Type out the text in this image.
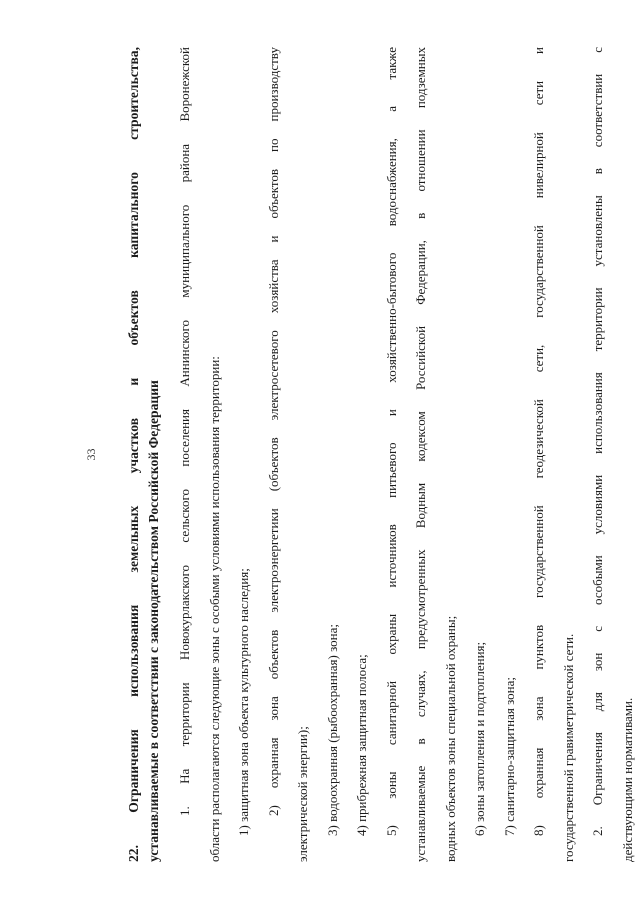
33 22. Ограничения использования земельных участков и объектов капитального строительства, устанавливаемые в соответствии с законодательством Российской Федерации	1. На территории Новокурлакского сельского поселения Аннинского муниципального района Воронежской	области располагаются следующие зоны с особыми условиями использования территории:	1) защитная зона объекта культурного наследия;	2) охранная зона объектов электроэнергетики (объектов электросетевого хозяйства и объектов по производству	электрической энергии);	3) водоохранная (рыбоохранная) зона;	4) прибрежная защитная полоса;	5) зоны санитарной охраны источников питьевого и хозяйственно-бытового водоснабжения, а также	устанавливаемые в случаях, предусмотренных Водным кодексом Российской Федерации, в отношении подземных	водных объектов зоны специальной охраны;	6) зоны затопления и подтопления;	7) санитарно-защитная зона;	8) охранная зона пунктов государственной геодезической сети, государственной нивелирной сети и	государственной гравиметрической сети.	2. Ограничения для зон с особыми условиями использования территории установлены в соответствии с	действующими нормативами.
